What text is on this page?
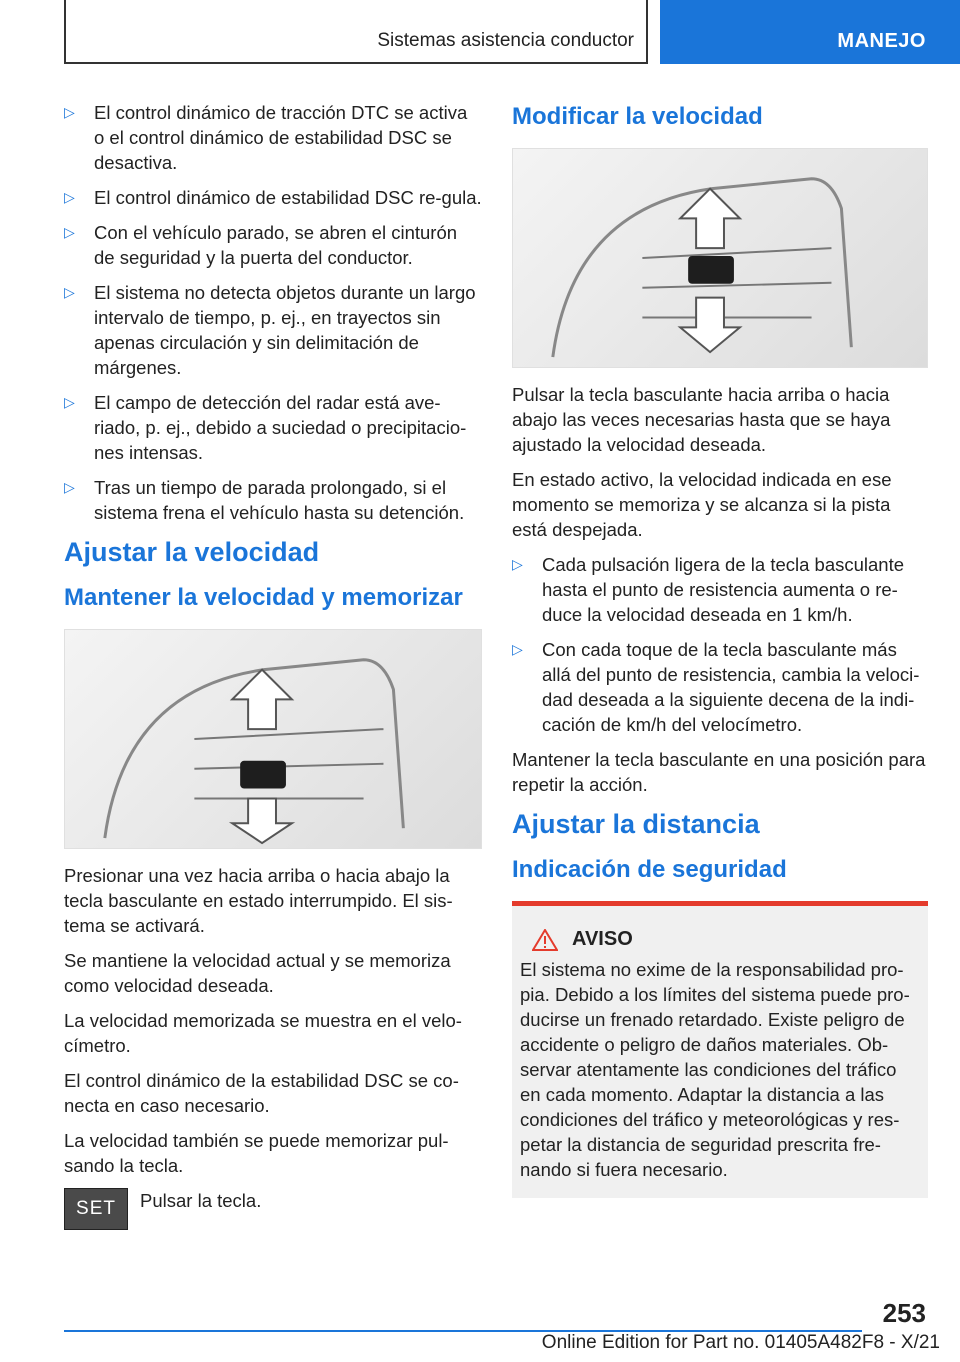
Sistemas asistencia conductor	MANEJO
▷ El control dinámico de tracción DTC se activa o el control dinámico de estabilidad DSC se desactiva.
▷ El control dinámico de estabilidad DSC re-gula.
▷ Con el vehículo parado, se abren el cinturón de seguridad y la puerta del conductor.
▷ El sistema no detecta objetos durante un largo intervalo de tiempo, p. ej., en trayectos sin apenas circulación y sin delimitación de márgenes.
▷ El campo de detección del radar está ave-riado, p. ej., debido a suciedad o precipitacio-nes intensas.
▷ Tras un tiempo de parada prolongado, si el sistema frena el vehículo hasta su detención.
Ajustar la velocidad
Mantener la velocidad y memorizar

Presionar una vez hacia arriba o hacia abajo la tecla basculante en estado interrumpido. El sis-tema se activará.

Se mantiene la velocidad actual y se memoriza como velocidad deseada.

La velocidad memorizada se muestra en el velo-címetro.

El control dinámico de la estabilidad DSC se co-necta en caso necesario.

La velocidad también se puede memorizar pul-sando la tecla.

SET	Pulsar la tecla.
Modificar la velocidad

Pulsar la tecla basculante hacia arriba o hacia abajo las veces necesarias hasta que se haya ajustado la velocidad deseada.

En estado activo, la velocidad indicada en ese momento se memoriza y se alcanza si la pista está despejada.

▷ Cada pulsación ligera de la tecla basculante hasta el punto de resistencia aumenta o re-duce la velocidad deseada en 1 km/h.
▷ Con cada toque de la tecla basculante más allá del punto de resistencia, cambia la veloci-dad deseada a la siguiente decena de la indi-cación de km/h del velocímetro.

Mantener la tecla basculante en una posición para repetir la acción.

Ajustar la distancia
Indicación de seguridad
AVISO

El sistema no exime de la responsabilidad pro-pia. Debido a los límites del sistema puede pro-ducirse un frenado retardado. Existe peligro de accidente o peligro de daños materiales. Ob-servar atentamente las condiciones del tráfico en cada momento. Adaptar la distancia a las condiciones del tráfico y meteorológicas y res-petar la distancia de seguridad prescrita fre-nando si fuera necesario.

253
Online Edition for Part no. 01405A482F8 - X/21
